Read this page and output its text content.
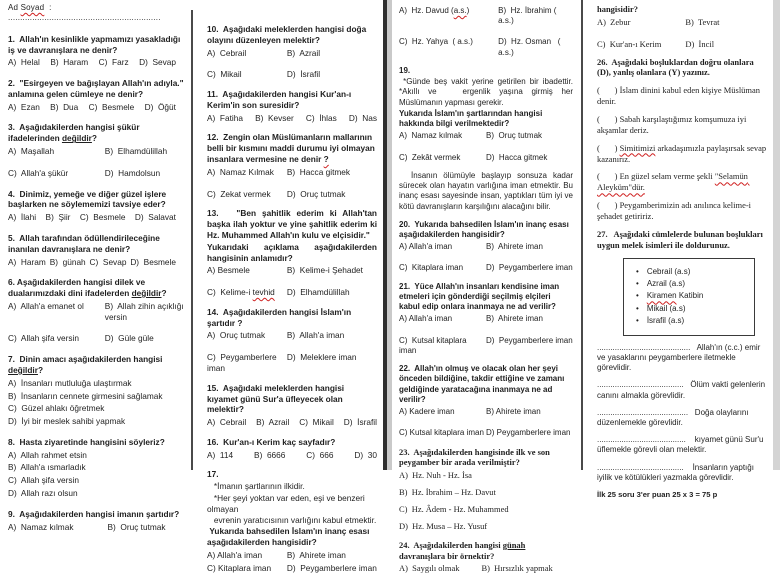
Ad Soyad  : ...............................................................
1.  Allah'ın kesinlikle yapmamızı yasakladığı iş ve davranışlara ne denir?
A)  Helal B)  Haram C)  Farz D)  Sevap
2.  "Esirgeyen ve bağışlayan Allah'ın adıyla." anlamına gelen cümleye ne denir?
A)  Ezan B)  Dua C)  Besmele D)  Öğüt
3.  Aşağıdakilerden hangisi şükür ifadelerinden değildir?
A)  Maşallah	B)  Elhamdülillah
C)  Allah'a şükür	D)  Hamdolsun
4.  Dinimiz, yemeğe ve diğer güzel işlere başlarken ne söylememizi tavsiye eder?
A)  İlahi B)  Şiir C)  Besmele D)  Salavat
5.  Allah tarafından ödüllendirileceğine inanılan davranışlara ne denir?
A)  Haram B)  günah C)  Sevap D)  Besmele
6. Aşağıdakilerden hangisi dilek ve dualarımızdaki dini ifadelerden değildir?
A)  Allah'a emanet ol	B)  Allah zihin açıklığı versin
C)  Allah şifa versin	D)  Güle güle
7.  Dinin amacı aşağıdakilerden hangisi değildir?
A)  İnsanları mutluluğa ulaştırmak
B)  İnsanların cennete girmesini sağlamak
C)  Güzel ahlakı öğretmek
D)  İyi bir meslek sahibi yapmak
8.  Hasta ziyaretinde hangisini söyleriz?
A)  Allah rahmet etsin
B)  Allah'a ısmarladık
C)  Allah şifa versin
D)  Allah razı olsun
9.  Aşağıdakilerden hangisi imanın şartıdır?
A)  Namaz kılmak	B)  Oruç tutmak
10.  Aşağıdaki meleklerden hangisi doğa olayını düzenleyen melektir?
A)  Cebrail	B)  Azrail
C)  Mikail	D)  İsrafil
11.  Aşağıdakilerden hangisi Kur'an-ı Kerim'in son suresidir?
A)  Fatiha B)  Kevser C)  İhlas D)  Nas
12.  Zengin olan Müslümanların mallarının belli bir kısmını maddi durumu iyi olmayan insanlara vermesine ne denir ?
A)  Namaz Kılmak	B)  Hacca gitmek
C)  Zekat vermek	D)  Oruç tutmak
13.   "Ben şahitlik ederim ki Allah'tan başka ilah yoktur ve yine şahitlik ederim ki Hz. Muhammed Allah'ın kulu ve elçisidir."
Yukarıdaki açıklama aşağıdakilerden hangisinin anlamıdır?
A) Besmele	B)  Kelime-i Şehadet
C)  Kelime-i tevhid	D)  Elhamdülillah
14.  Aşağıdakilerden hangisi İslam'ın şartıdır ?
A)  Oruç tutmak	B)  Allah'a iman
C)  Peygamberlere iman
D)  Meleklere iman
15.  Aşağıdaki meleklerden hangisi kıyamet günü Sur'a üfleyecek olan melektir?
A)  Cebrail B)  Azrail C)  Mikail D)  İsrafil
16.  Kur'an-ı Kerim kaç sayfadır?
A)  114	B)  6666	C)  666	D)  30
17.
*İmanın şartlarının ilkidir.
*Her şeyi yoktan var eden, eşi ve benzeri olmayan
evrenin yaratıcısının varlığını kabul etmektir.
Yukarıda bahsedilen İslam'ın inanç esası aşağıdakilerden hangisidir?
A) Allah'a iman	B)  Ahirete iman
C) Kitaplara iman	D)  Peygamberlere iman
A)  Hz. Davud (a.s.)	B)  Hz. İbrahim ( a.s.)
C)  Hz. Yahya  ( a.s.)	D)  Hz. Osman   ( a.s.)
19.
*Günde beş vakit yerine getirilen bir ibadettir. *Akıllı ve   ergenlik yaşına girmiş her Müslümanın yapması gerekir.
Yukarıda İslam'ın şartlarından hangisi hakkında bilgi verilmektedir?
A)  Namaz kılmak	B)  Oruç tutmak
C)  Zekât vermek	D)  Hacca gitmek
İnsanın ölümüyle başlayıp sonsuza kadar sürecek olan hayatın varlığına iman etmektir. Bu inanç esası sayesinde insan, yaptıkları tüm iyi ve kötü davranışların karşılığını alacağını bilir.
20.  Yukarıda bahsedilen İslam'ın inanç esası aşağıdakilerden hangisidir?
A) Allah'a iman	B)  Ahirete iman
C)  Kitaplara iman	D)  Peygamberlere iman
21.  Yüce Allah'ın insanları kendisine iman etmeleri için gönderdiği seçilmiş elçileri  kabul edip onlara inanmaya ne ad verilir?
A) Allah'a iman	B)  Ahirete iman
C)  Kutsal kitaplara iman
D)  Peygamberlere iman
22.  Allah'ın olmuş ve olacak olan her şeyi önceden bildiğine, takdir ettiğine ve zamanı geldiğinde yaratacağına inanmaya ne ad verilir?
A) Kadere iman	B) Ahirete iman
C) Kutsal kitaplara iman D) Peygamberlere iman
23.  Aşağıdakilerden hangisinde ilk ve son peygamber bir arada verilmiştir?
A)  Hz. Nuh - Hz. İsa
B)  Hz. İbrahim – Hz. Davut
C)  Hz. Âdem - Hz. Muhammed
D)  Hz. Musa – Hz. Yusuf
24.  Aşağıdakilerden hangisi günah davranışlara bir örnektir?
A)  Saygılı olmak	B)  Hırsızlık yapmak
hangisidir?
A)  Zebur	B)  Tevrat
C)  Kur'an-ı Kerim	D)  İncil
26.  Aşağıdaki boşluklardan doğru olanlara (D), yanlış olanlara (Y) yazınız.
(       ) İslam dinini kabul eden kişiye Müslüman denir.
(       ) Sabah karşılaştığımız komşumuza iyi akşamlar deriz.
(       ) Simitimizi arkadaşımızla paylaşırsak sevap kazanırız.
(       ) En güzel selam verme şekli "Selamün Aleyküm"dür.
(       ) Peygamberimizin adı anılınca kelime-i şehadet getiririz.
27.   Aşağıdaki cümlelerde bulunan boşlukları uygun melek isimleri ile doldurunuz.
• Cebrail (a.s)
• Azrail (a.s)
• Kiramen Katibin
• Mikail (a.s)
• İsrafil (a.s)
..........................................   Allah'ın (c.c.) emir ve yasaklarını peygamberlere iletmekle görevlidir.
.......................................   Ölüm vakti gelenlerin canını almakla görevlidir.
.........................................   Doğa olaylarını düzenlemekle görevlidir.
........................................    kıyamet günü Sur'u üflemekle görevli olan melektir.
.......................................    İnsanların yaptığı iyilik ve kötülükleri yazmakla görevlidir.
İlk 25 soru 3'er puan 25 x 3 = 75 p
